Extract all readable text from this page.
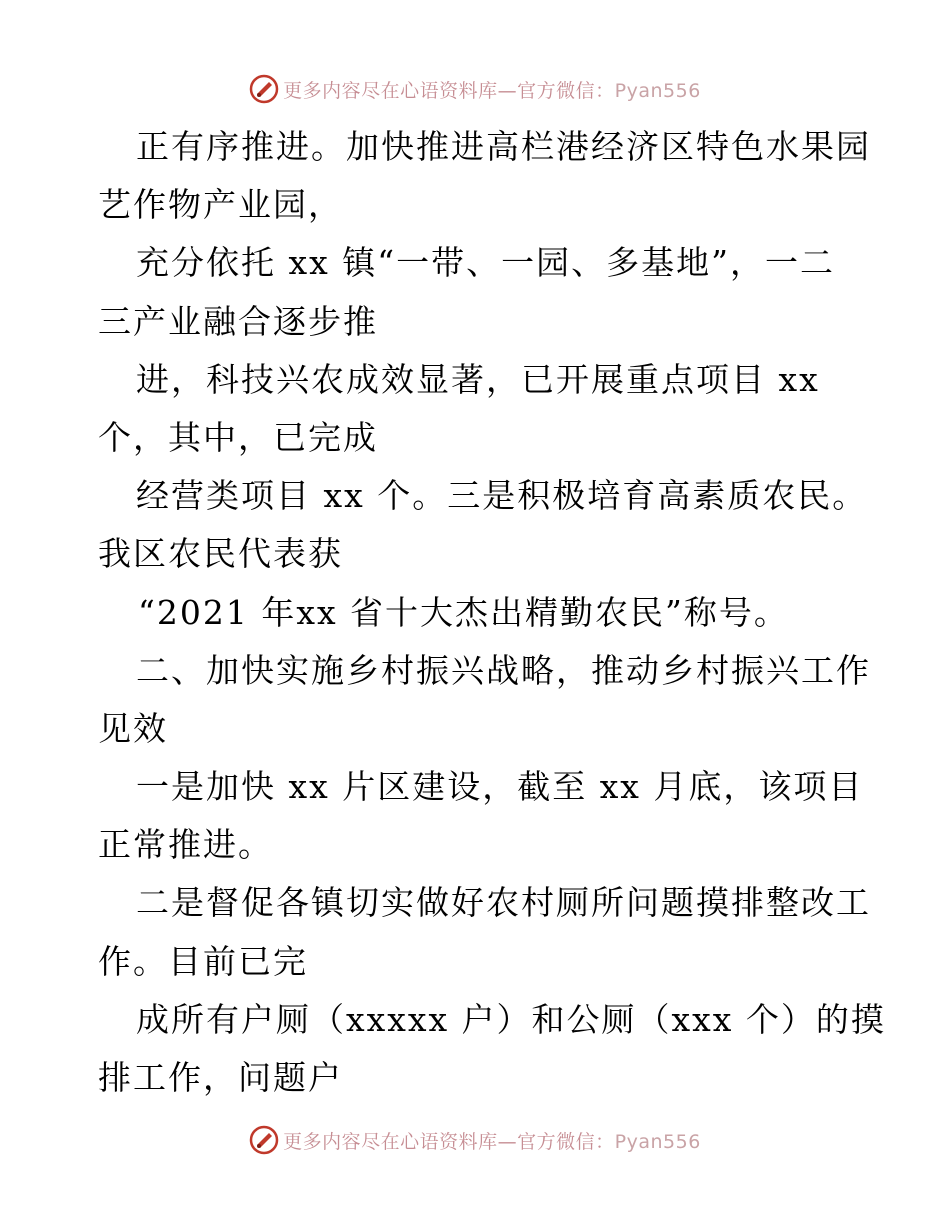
更多内容尽在心语资料库—官方微信：Pyan556
正有序推进。加快推进高栏港经济区特色水果园
艺作物产业园，
充分依托 xx 镇“一带、一园、多基地”，一二
三产业融合逐步推
进，科技兴农成效显著，已开展重点项目 xx
个，其中，已完成
经营类项目 xx 个。三是积极培育高素质农民。
我区农民代表获
“2021 年xx 省十大杰出精勤农民”称号。
二、加快实施乡村振兴战略，推动乡村振兴工作
见效
一是加快 xx 片区建设，截至 xx 月底，该项目
正常推进。
二是督促各镇切实做好农村厕所问题摸排整改工
作。目前已完
成所有户厕（xxxxx 户）和公厕（xxx 个）的摸
排工作，问题户
更多内容尽在心语资料库—官方微信：Pyan556
